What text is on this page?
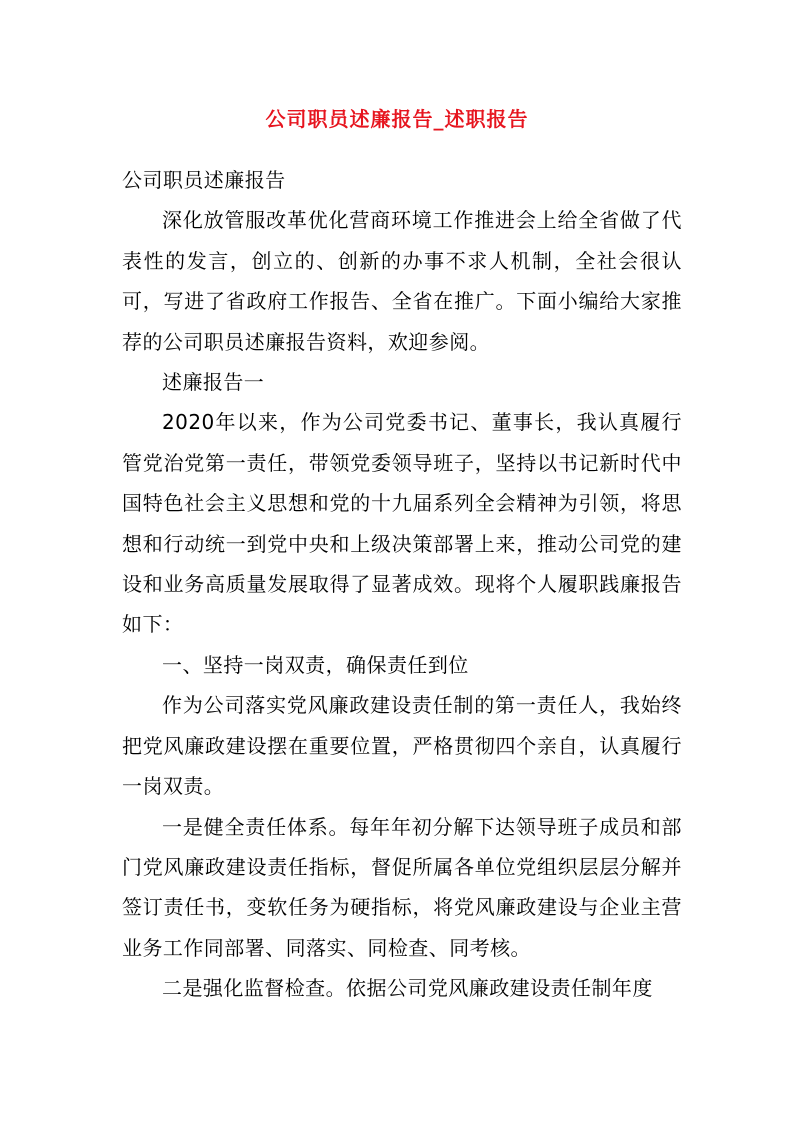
公司职员述廉报告_述职报告

公司职员述廉报告

深化放管服改革优化营商环境工作推进会上给全省做了代表性的发言，创立的、创新的办事不求人机制，全社会很认可，写进了省政府工作报告、全省在推广。下面小编给大家推荐的公司职员述廉报告资料，欢迎参阅。

述廉报告一

2020年以来，作为公司党委书记、董事长，我认真履行管党治党第一责任，带领党委领导班子，坚持以书记新时代中国特色社会主义思想和党的十九届系列全会精神为引领，将思想和行动统一到党中央和上级决策部署上来，推动公司党的建设和业务高质量发展取得了显著成效。现将个人履职践廉报告如下：

一、坚持一岗双责，确保责任到位

作为公司落实党风廉政建设责任制的第一责任人，我始终把党风廉政建设摆在重要位置，严格贯彻四个亲自，认真履行一岗双责。

一是健全责任体系。每年年初分解下达领导班子成员和部门党风廉政建设责任指标，督促所属各单位党组织层层分解并签订责任书，变软任务为硬指标，将党风廉政建设与企业主营业务工作同部署、同落实、同检查、同考核。

二是强化监督检查。依据公司党风廉政建设责任制年度
